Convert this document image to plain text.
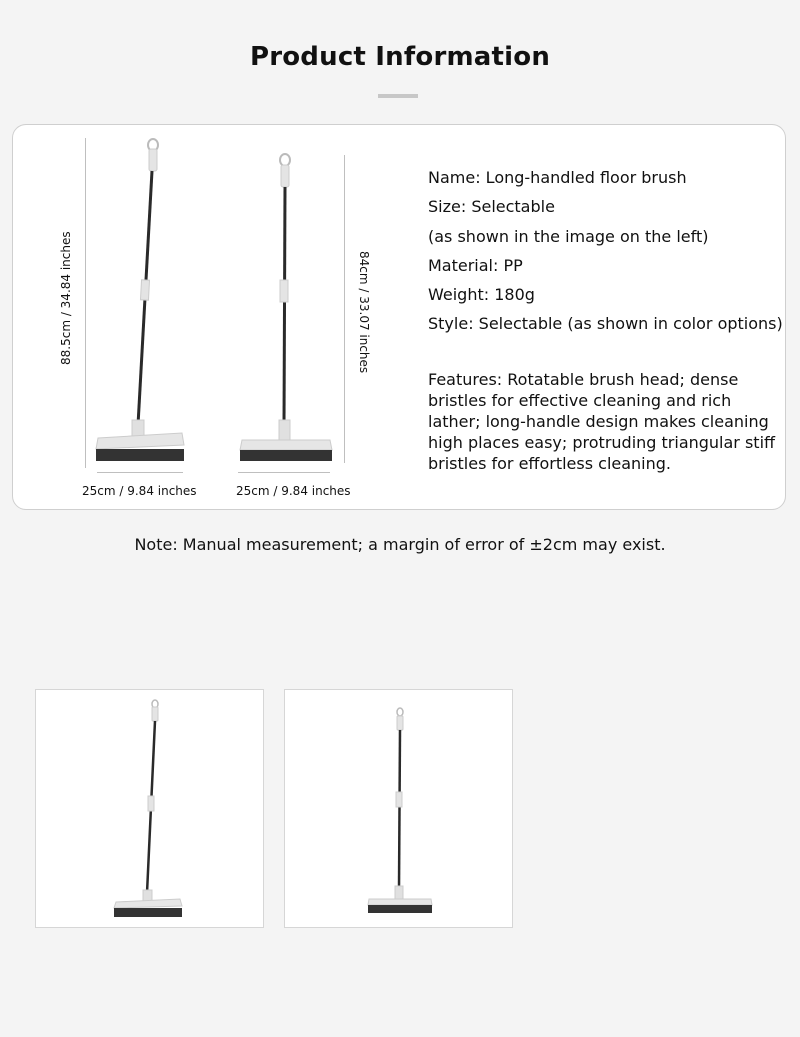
Product Information
88.5cm / 34.84 inches
25cm / 9.84 inches
84cm / 33.07 inches
25cm / 9.84 inches
Name: Long-handled floor brush
Size: Selectable
(as shown in the image on the left)
Material: PP
Weight: 180g
Style: Selectable (as shown in color options)
Features: Rotatable brush head; dense bristles for effective cleaning and rich lather; long-handle design makes cleaning high places easy; protruding triangular stiff bristles for effortless cleaning.
Note: Manual measurement; a margin of error of ±2cm may exist.
